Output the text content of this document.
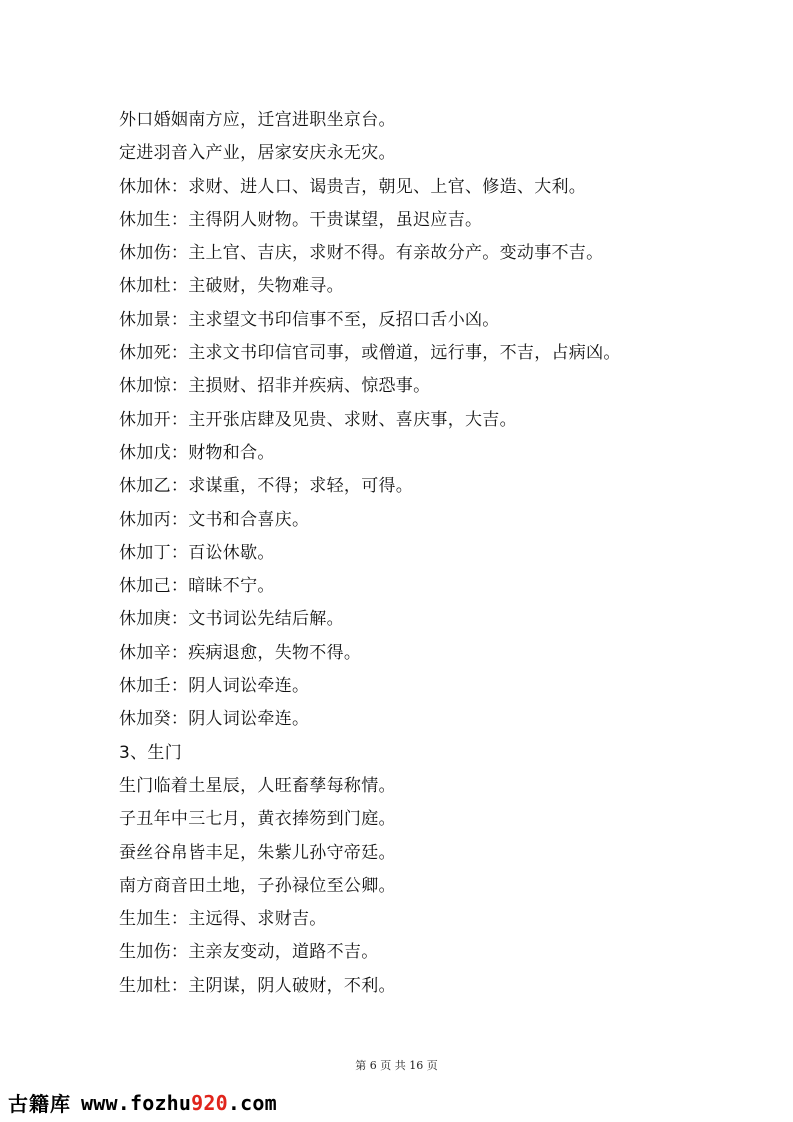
外口婚姻南方应，迁宫进职坐京台。
定进羽音入产业，居家安庆永无灾。
休加休：求财、进人口、谒贵吉，朝见、上官、修造、大利。
休加生：主得阴人财物。干贵谋望，虽迟应吉。
休加伤：主上官、吉庆，求财不得。有亲故分产。变动事不吉。
休加杜：主破财，失物难寻。
休加景：主求望文书印信事不至，反招口舌小凶。
休加死：主求文书印信官司事，或僧道，远行事，不吉，占病凶。
休加惊：主损财、招非并疾病、惊恐事。
休加开：主开张店肆及见贵、求财、喜庆事，大吉。
休加戊：财物和合。
休加乙：求谋重，不得；求轻，可得。
休加丙：文书和合喜庆。
休加丁：百讼休歇。
休加己：暗昧不宁。
休加庚：文书词讼先结后解。
休加辛：疾病退愈，失物不得。
休加壬：阴人词讼牵连。
休加癸：阴人词讼牵连。
3、生门
生门临着土星辰，人旺畜孳每称情。
子丑年中三七月，黄衣捧笏到门庭。
蚕丝谷帛皆丰足，朱紫儿孙守帝廷。
南方商音田土地，子孙禄位至公卿。
生加生：主远得、求财吉。
生加伤：主亲友变动，道路不吉。
生加杜：主阴谋，阴人破财，不利。
第 6 页 共 16 页
古籍库 www.fozhu920.com
